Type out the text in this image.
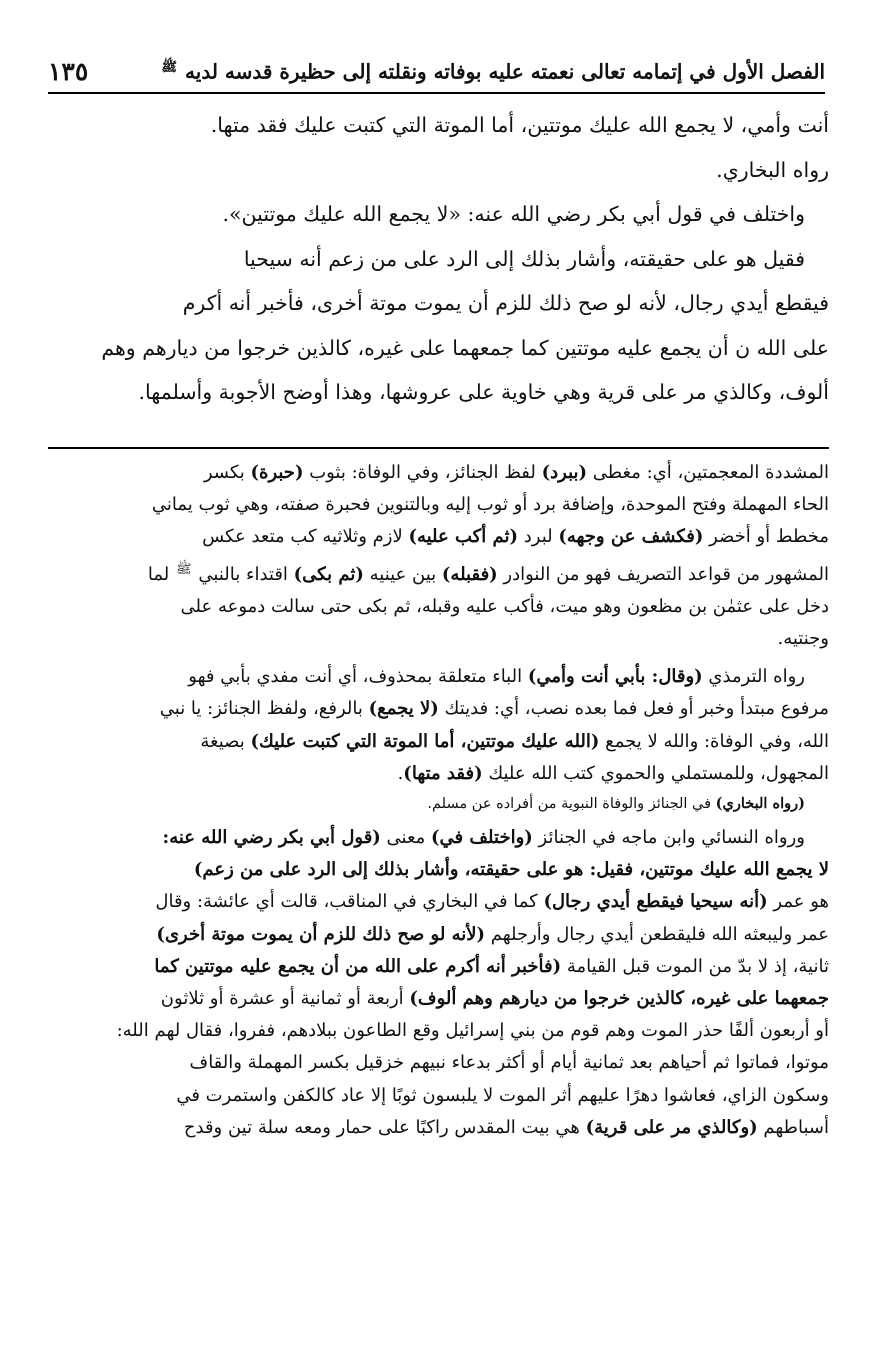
الفصل الأول في إتمامه تعالى نعمته عليه بوفاته ونقلته إلى حظيرة قدسه لديه $^ﷺ$
١٣٥

أنت وأمي، لا يجمع الله عليك موتتين، أما الموتة التي كتبت عليك فقد متها.

رواه البخاري.

واختلف في قول أبي بكر رضي الله عنه: «لا يجمع الله عليك موتتين».

فقيل هو على حقيقته، وأشار بذلك إلى الرد على من زعم أنه سيحيا

فيقطع أيدي رجال، لأنه لو صح ذلك للزم أن يموت موتة أخرى، فأخبر أنه أكرم

على الله ن أن يجمع عليه موتتين كما جمعهما على غيره، كالذين خرجوا من ديارهم وهم

ألوف، وكالذي مر على قرية وهي خاوية على عروشها، وهذا أوضح الأجوبة وأسلمها.

المشددة المعجمتين، أي: مغطى (ببرد) لفظ الجنائز، وفي الوفاة: بثوب (حبرة) بكسر

الحاء المهملة وفتح الموحدة، وإضافة برد أو ثوب إليه وبالتنوين فحبرة صفته، وهي ثوب يماني

مخطط أو أخضر (فكشف عن وجهه) لبرد (ثم أكب عليه) لازم وثلاثيه كب متعد عكس

المشهور من قواعد التصريف فهو من النوادر (فقبله) بين عينيه (ثم بكى) اقتداء بالنبي $^ﷺ$ لما

دخل على عثمٰن بن مظعون وهو ميت، فأكب عليه وقبله، ثم بكى حتى سالت دموعه على

وجنتيه.

رواه الترمذي (وقال: بأبي أنت وأمي) الباء متعلقة بمحذوف، أي أنت مفدي بأبي فهو

مرفوع مبتدأ وخبر أو فعل فما بعده نصب، أي: فديتك (لا يجمع) بالرفع، ولفظ الجنائز: يا نبي

الله، وفي الوفاة: والله لا يجمع (الله عليك موتتين، أما الموتة التي كتبت عليك) بصيغة

المجهول، وللمستملي والحموي كتب الله عليك (فقد متها).

(رواه البخاري) في الجنائز والوفاة النبوية من أفراده عن مسلم.

ورواه النسائي وابن ماجه في الجنائز (واختلف في) معنى (قول أبي بكر رضي الله عنه:

لا يجمع الله عليك موتتين، فقيل: هو على حقيقته، وأشار بذلك إلى الرد على من زعم)

هو عمر (أنه سيحيا فيقطع أيدي رجال) كما في البخاري في المناقب، قالت أي عائشة: وقال

عمر وليبعثه الله فليقطعن أيدي رجال وأرجلهم (لأنه لو صح ذلك للزم أن يموت موتة أخرى)

ثانية، إذ لا بدّ من الموت قبل القيامة (فأخبر أنه أكرم على الله من أن يجمع عليه موتتين كما

جمعهما على غيره، كالذين خرجوا من ديارهم وهم ألوف) أربعة أو ثمانية أو عشرة أو ثلاثون

أو أربعون ألفًا حذر الموت وهم قوم من بني إسرائيل وقع الطاعون ببلادهم، ففروا، فقال لهم الله:

موتوا، فماتوا ثم أحياهم بعد ثمانية أيام أو أكثر بدعاء نبيهم خزقيل بكسر المهملة والقاف

وسكون الزاي، فعاشوا دهرًا عليهم أثر الموت لا يلبسون ثوبًا إلا عاد كالكفن واستمرت في

أسباطهم (وكالذي مر على قرية) هي بيت المقدس راكبًا على حمار ومعه سلة تين وقدح
